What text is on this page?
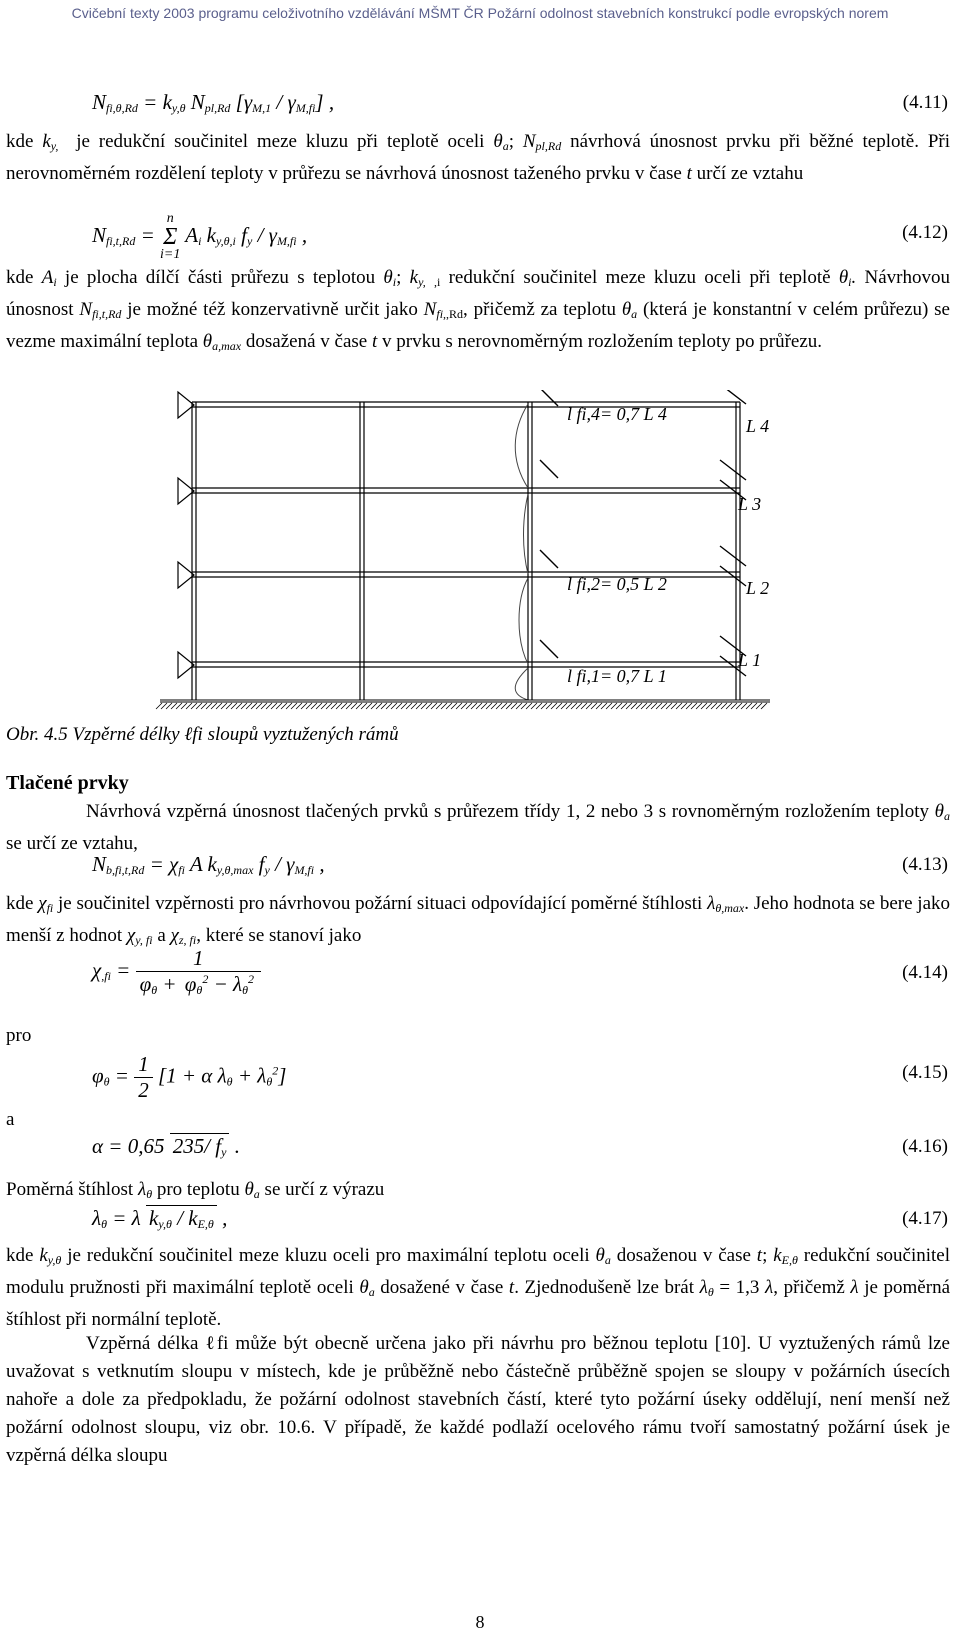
Cvičební texty 2003 programu celoživotního vzdělávání MŠMT ČR Požární odolnost stavebních konstrukcí podle evropských norem
$N_{fi,\theta,Rd} = k_{y,\theta}$ $N_{pl,Rd}$ $[\gamma_{M,1} / \gamma_{M,fi}]$ ,	(4.11)
kde $k_{y,}$  je redukční součinitel meze kluzu při teplotě oceli $\theta_a$; $N_{pl,Rd}$ návrhová únosnost prvku při běžné teplotě. Při nerovnoměrném rozdělení teploty v průřezu se návrhová únosnost taženého prvku v čase t určí ze vztahu
$N_{fi,t,Rd} = n$
Σ
i=1 $A_i$ $k_{y,\theta,i}$ $f_y / \gamma_{M,fi}$ ,	(4.12)
kde $A_i$ je plocha dílčí části průřezu s teplotou $\theta_i$; $k_{y,}$ $_{,i}$ redukční součinitel meze kluzu oceli při teplotě $\theta_i$. Návrhovou únosnost $N_{fi,t,Rd}$ je možné též konzervativně určit jako $N_{fi,,Rd}$, přičemž za teplotu $\theta_a$ (která je konstantní v celém průřezu) se vezme maximální teplota $\theta_{a,max}$ dosažená v čase t v prvku s nerovnoměrným rozložením teploty po průřezu.
l fi,4= 0,7 L 4
L 4
L 3
l fi,2= 0,5 L 2	L 2
L 1
l fi,1= 0,7 L 1
Obr. 4.5 Vzpěrné délky ℓfi sloupů vyztužených rámů
Tlačené prvky
Návrhová vzpěrná únosnost tlačených prvků s průřezem třídy 1, 2 nebo 3 s rovnoměrným rozložením teploty $\theta_a$ se určí ze vztahu,
$N_{b,fi,t,Rd} = \chi_{fi}$ A $k_{y,\theta,max}$ $f_y / \gamma_{M,fi}$ ,	(4.13)
kde $\chi_{fi}$ je součinitel vzpěrnosti pro návrhovou požární situaci odpovídající poměrné štíhlosti $\lambda_{\theta,max}$. Jeho hodnota se bere jako menší z hodnot $\chi_{y, fi}$ a $\chi_{z, fi}$, které se stanoví jako
$\chi_{,fi} = \frac{1}{\varphi_\theta + \varphi_\theta^2 - \lambda_\theta^2}$	(4.14)
pro
$\varphi_\theta = \frac{1}{2} [1 + \alpha$ $\lambda_\theta + \lambda_\theta^2$]	(4.15)
a
α = 0,65 235/ $f_y$ .	(4.16)
Poměrná štíhlost $\lambda_\theta$ pro teplotu $\theta_a$ se určí z výrazu
$\lambda_\theta = \lambda$ $k_{y,\theta} / k_{E,\theta}$ ,	(4.17)
kde $k_{y,\theta}$ je redukční součinitel meze kluzu oceli pro maximální teplotu oceli $\theta_a$ dosaženou v čase t; $k_{E,\theta}$ redukční součinitel modulu pružnosti při maximální teplotě oceli $\theta_a$ dosažené v čase t. Zjednodušeně lze brát $\lambda_\theta = 1,3$ λ, přičemž λ je poměrná štíhlost při normální teplotě.
Vzpěrná délka ℓfi může být obecně určena jako při návrhu pro běžnou teplotu [10]. U vyztužených rámů lze uvažovat s vetknutím sloupu v místech, kde je průběžně nebo částečně průběžně spojen se sloupy v požárních úsecích nahoře a dole za předpokladu, že požární odolnost stavebních částí, které tyto požární úseky oddělují, není menší než požární odolnost sloupu, viz obr. 10.6. V případě, že každé podlaží ocelového rámu tvoří samostatný požární úsek je vzpěrná délka sloupu
8
